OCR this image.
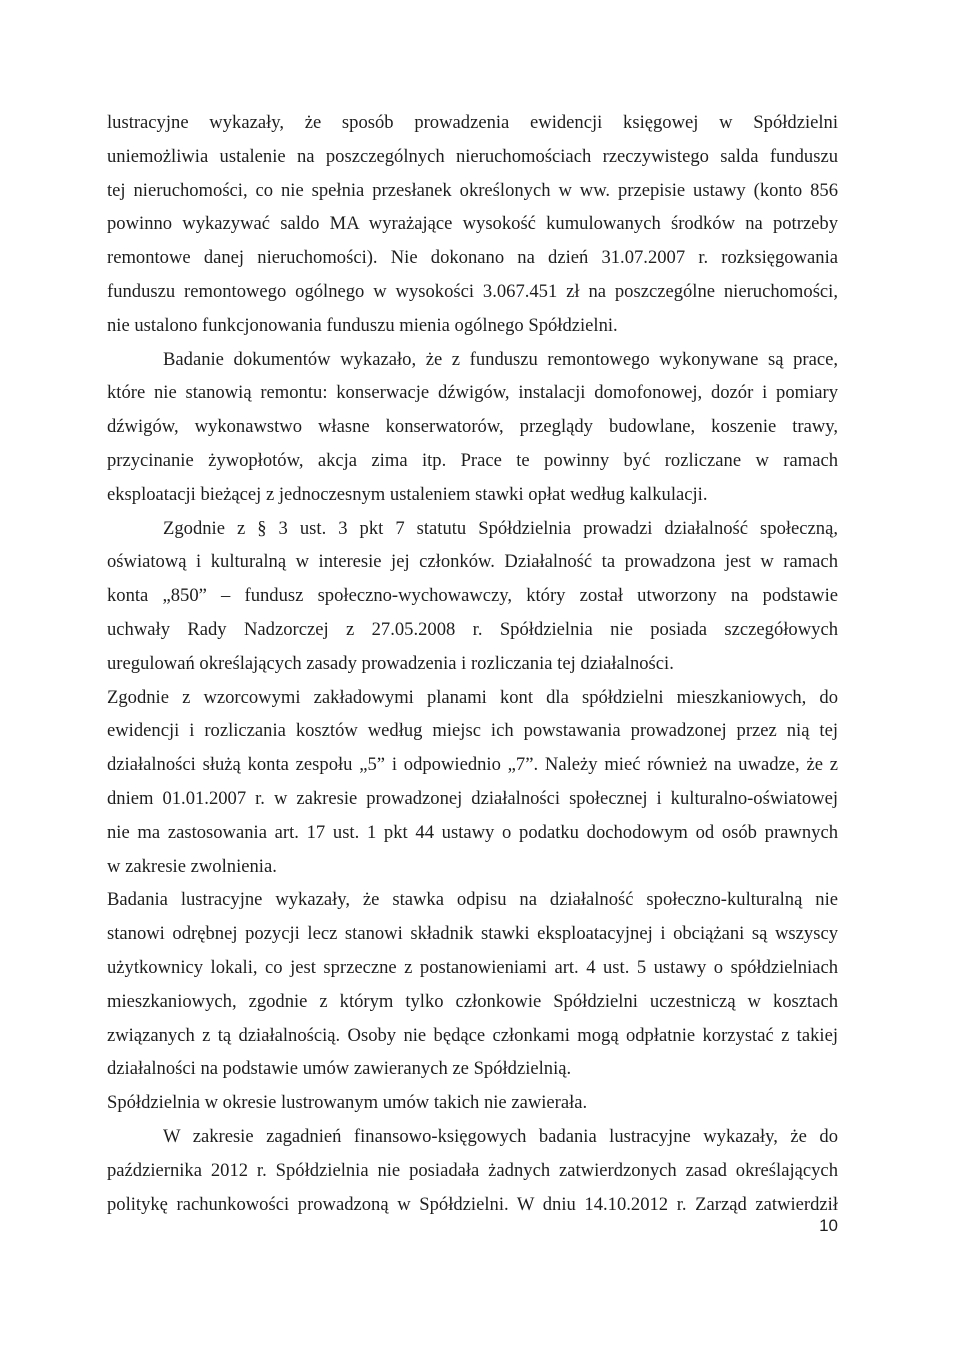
lustracyjne wykazały, że sposób prowadzenia ewidencji księgowej w Spółdzielni
uniemożliwia ustalenie na poszczególnych nieruchomościach rzeczywistego salda funduszu
tej nieruchomości, co nie spełnia przesłanek określonych w ww. przepisie ustawy (konto 856
powinno wykazywać saldo MA wyrażające wysokość kumulowanych środków na potrzeby
remontowe danej nieruchomości). Nie dokonano na dzień 31.07.2007 r. rozksięgowania
funduszu remontowego ogólnego w wysokości 3.067.451 zł na poszczególne nieruchomości,
nie ustalono funkcjonowania funduszu mienia ogólnego Spółdzielni.
Badanie dokumentów wykazało, że z funduszu remontowego wykonywane są prace,
które nie stanowią remontu: konserwacje dźwigów, instalacji domofonowej, dozór i pomiary
dźwigów, wykonawstwo własne konserwatorów, przeglądy budowlane, koszenie trawy,
przycinanie żywopłotów, akcja zima itp. Prace te powinny być rozliczane w ramach
eksploatacji bieżącej z jednoczesnym ustaleniem stawki opłat według kalkulacji.
Zgodnie z § 3 ust. 3 pkt 7 statutu Spółdzielnia prowadzi działalność społeczną,
oświatową i kulturalną w interesie jej członków. Działalność ta prowadzona jest w ramach
konta „850” – fundusz społeczno-wychowawczy, który został utworzony na podstawie
uchwały Rady Nadzorczej z 27.05.2008 r. Spółdzielnia nie posiada szczegółowych
uregulowań określających zasady prowadzenia i rozliczania tej działalności.
Zgodnie z wzorcowymi zakładowymi planami kont dla spółdzielni mieszkaniowych, do
ewidencji i rozliczania kosztów według miejsc ich powstawania prowadzonej przez nią tej
działalności służą konta zespołu „5” i odpowiednio „7”. Należy mieć również na uwadze, że z
dniem 01.01.2007 r. w zakresie prowadzonej działalności społecznej i kulturalno-oświatowej
nie ma zastosowania art. 17 ust. 1 pkt 44 ustawy o podatku dochodowym od osób prawnych
w zakresie zwolnienia.
Badania lustracyjne wykazały, że stawka odpisu na działalność społeczno-kulturalną nie
stanowi odrębnej pozycji lecz stanowi składnik stawki eksploatacyjnej i obciążani są wszyscy
użytkownicy lokali, co jest sprzeczne z postanowieniami art. 4 ust. 5 ustawy o spółdzielniach
mieszkaniowych, zgodnie z którym tylko członkowie Spółdzielni uczestniczą w kosztach
związanych z tą działalnością. Osoby nie będące członkami mogą odpłatnie korzystać z takiej
działalności na podstawie umów zawieranych ze Spółdzielnią.
Spółdzielnia w okresie lustrowanym umów takich nie zawierała.
W zakresie zagadnień finansowo-księgowych badania lustracyjne wykazały, że do
października 2012 r. Spółdzielnia nie posiadała żadnych zatwierdzonych zasad określających
politykę rachunkowości prowadzoną w Spółdzielni. W dniu 14.10.2012 r. Zarząd zatwierdził
10
